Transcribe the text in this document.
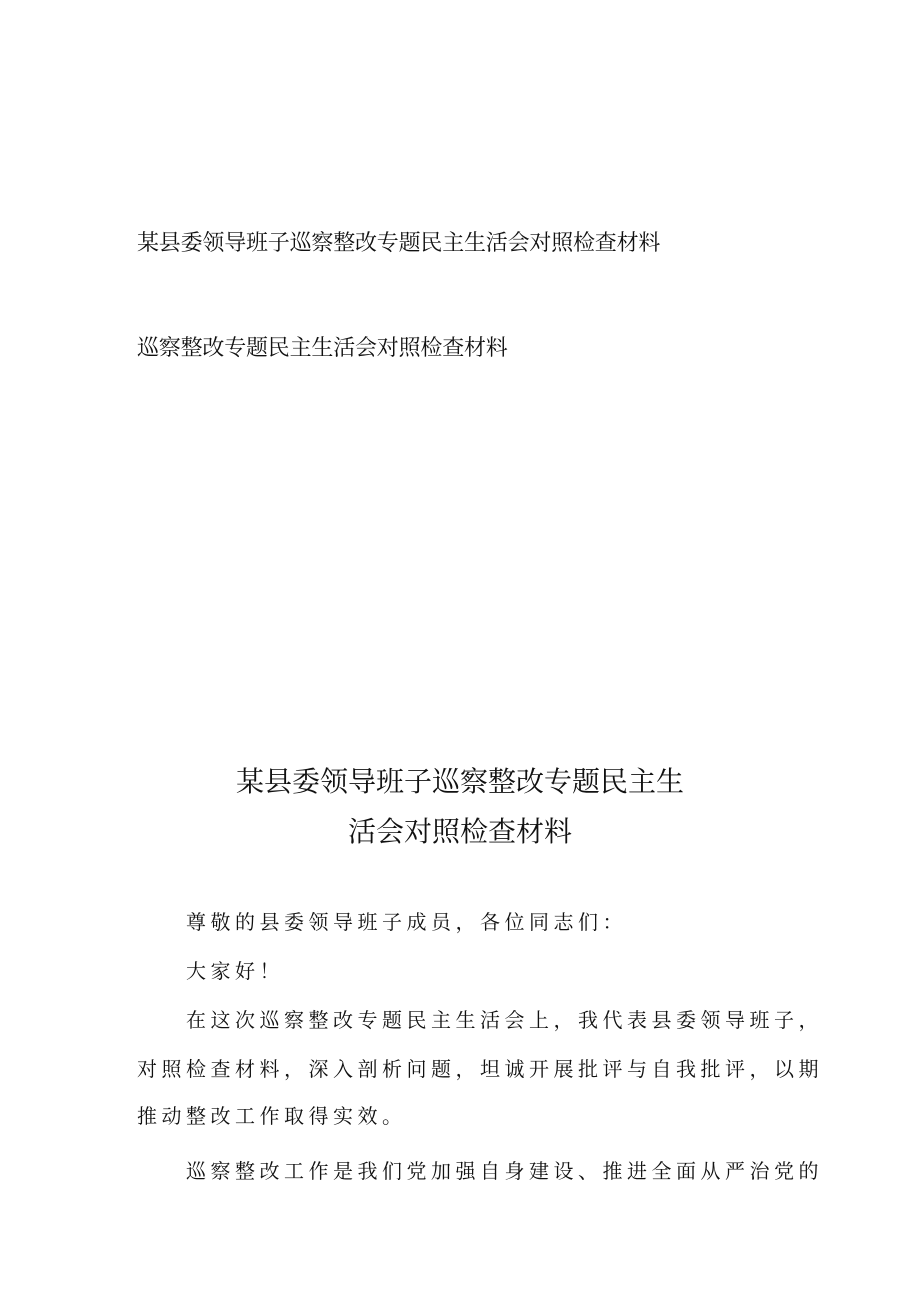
某县委领导班子巡察整改专题民主生活会对照检查材料
巡察整改专题民主生活会对照检查材料
某县委领导班子巡察整改专题民主生
活会对照检查材料

尊敬的县委领导班子成员，各位同志们：

大家好！

在这次巡察整改专题民主生活会上，我代表县委领导班子，

对照检查材料，深入剖析问题，坦诚开展批评与自我批评，以期

推动整改工作取得实效。

巡察整改工作是我们党加强自身建设、推进全面从严治党的
